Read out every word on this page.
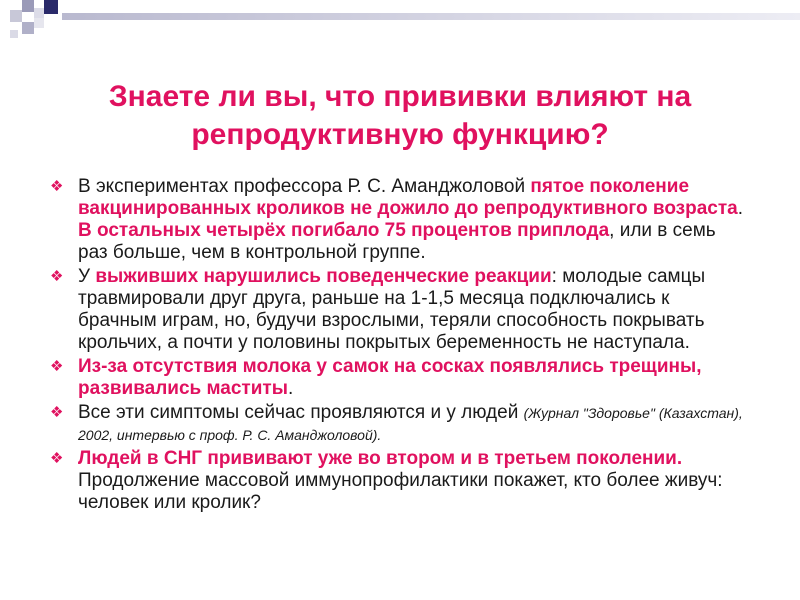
Знаете ли вы, что прививки влияют на
репродуктивную функцию?
❖ В экспериментах профессора Р. С. Аманджоловой пятое поколение вакцинированных кроликов не дожило до репродуктивного возраста. В остальных четырёх погибало 75 процентов приплода, или в семь раз больше, чем в контрольной группе.
❖ У выживших нарушились поведенческие реакции: молодые самцы травмировали друг друга, раньше на 1-1,5 месяца подключались к брачным играм, но, будучи взрослыми, теряли способность покрывать крольчих, а почти у половины покрытых беременность не наступала.
❖ Из-за отсутствия молока у самок на сосках появлялись трещины, развивались маститы.
❖ Все эти симптомы сейчас проявляются и у людей (Журнал "Здоровье" (Казахстан), 2002, интервью с проф. Р. С. Аманджоловой).
❖ Людей в СНГ прививают уже во втором и в третьем поколении. Продолжение массовой иммунопрофилактики покажет, кто более живуч: человек или кролик?
